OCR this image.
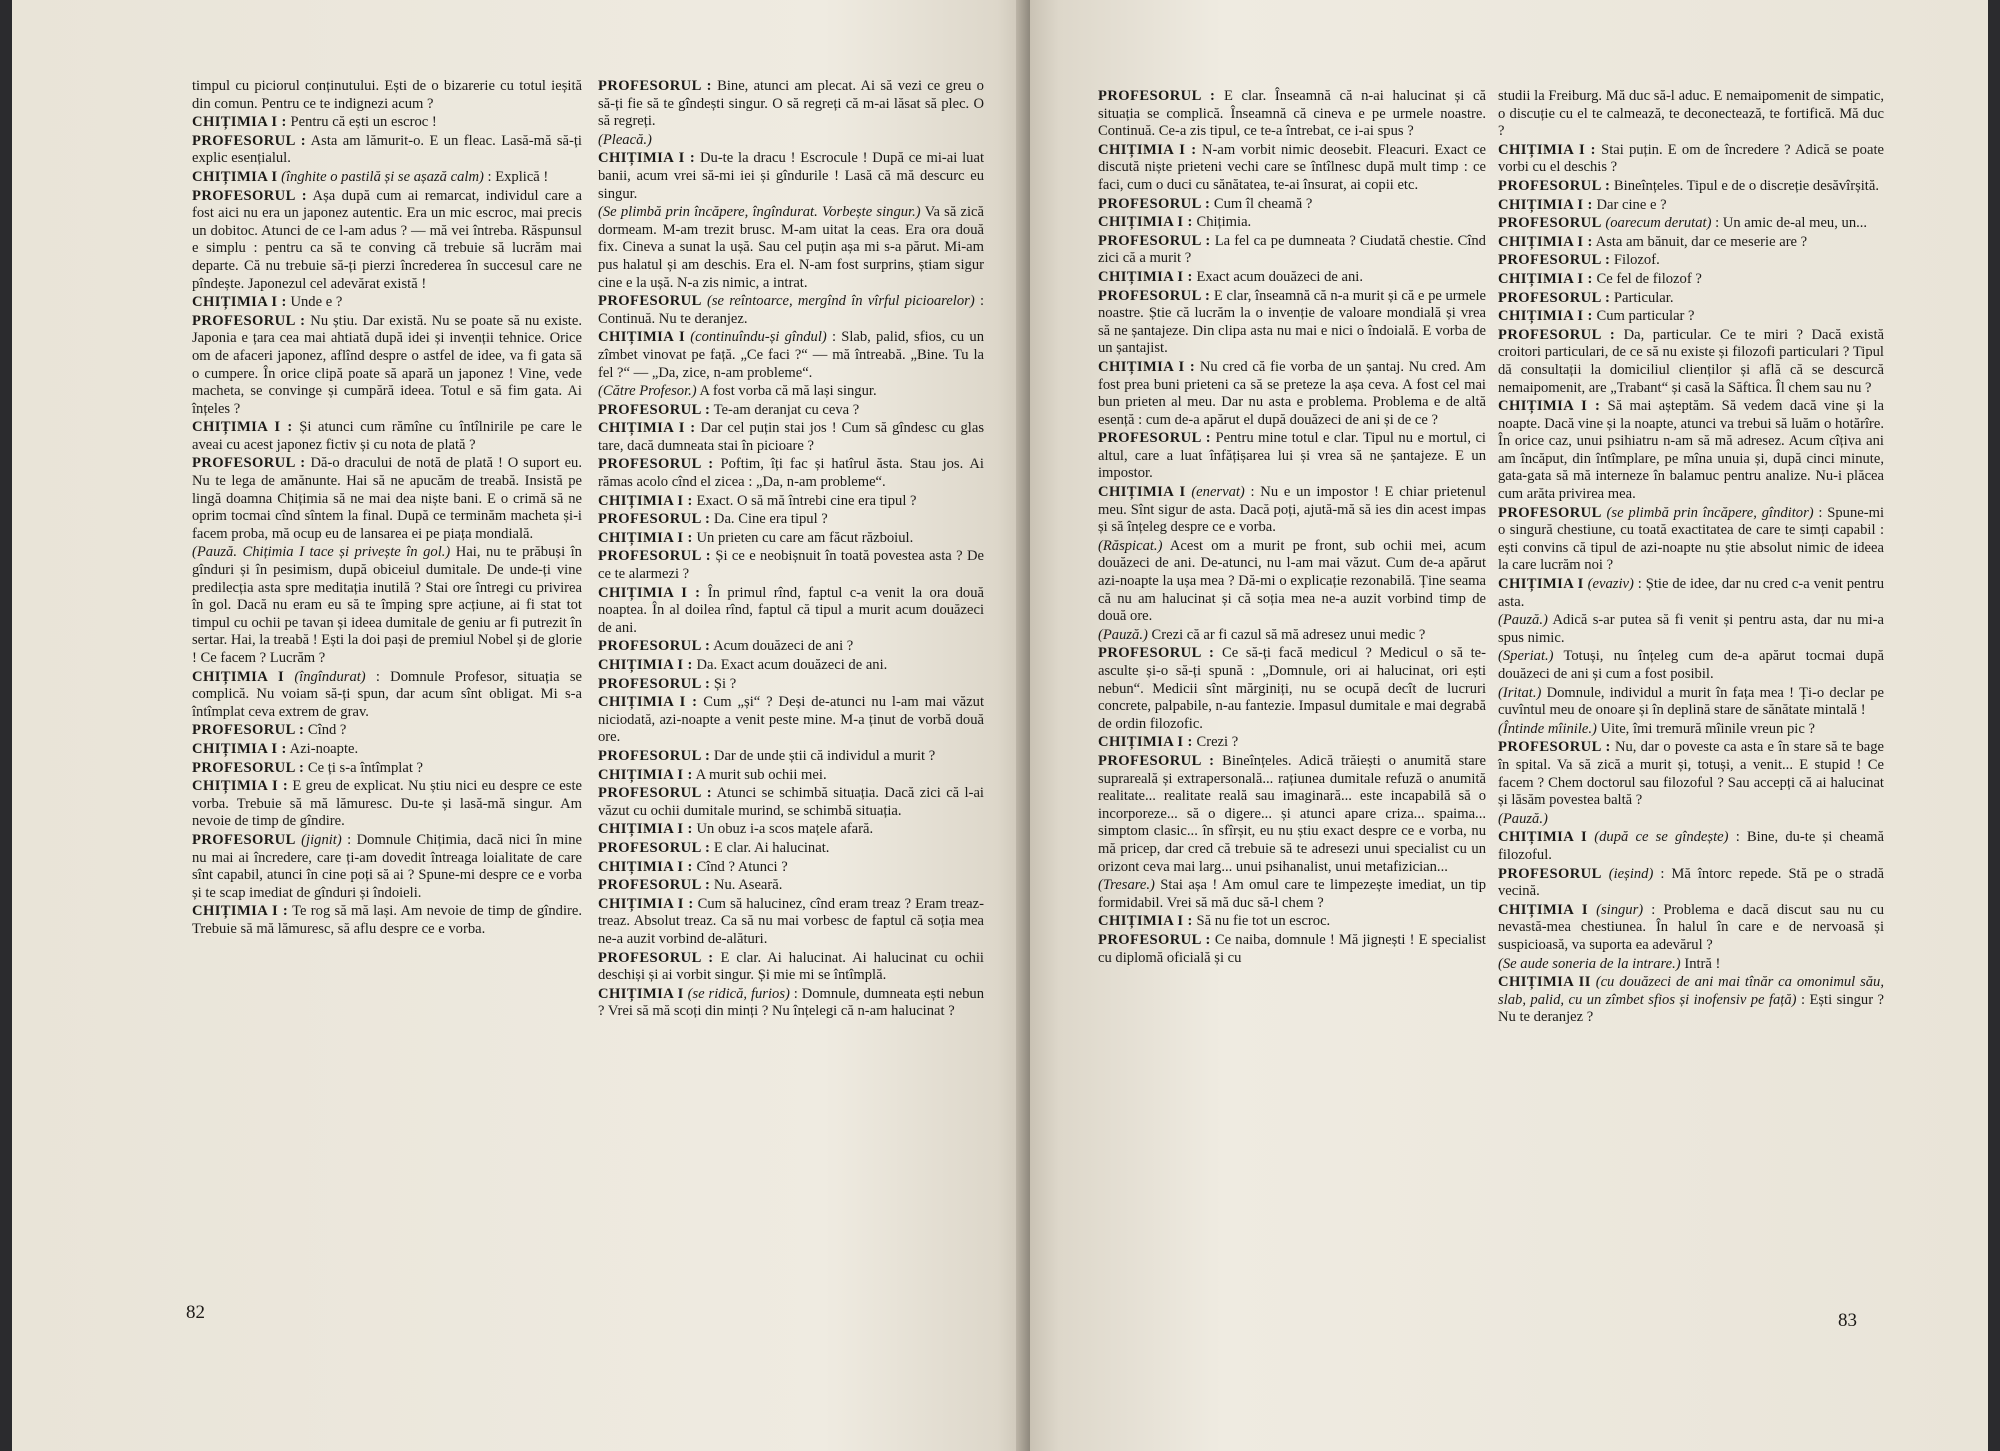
timpul cu piciorul conținutului. Ești de o bizarerie cu totul ieșită din comun. Pentru ce te indignezi acum ?

CHIȚIMIA I : Pentru că ești un escroc !

PROFESORUL : Asta am lămurit-o. E un fleac. Lasă-mă să-ți explic esențialul.

CHIȚIMIA I (înghite o pastilă și se așază calm) : Explică !

PROFESORUL : Așa după cum ai remarcat, individul care a fost aici nu era un japonez autentic. Era un mic escroc, mai precis un dobitoc. Atunci de ce l-am adus ? — mă vei întreba. Răspunsul e simplu : pentru ca să te conving că trebuie să lucrăm mai departe. Că nu trebuie să-ți pierzi încrederea în succesul care ne pîndește. Japonezul cel adevărat există !

CHIȚIMIA I : Unde e ?

PROFESORUL : Nu știu. Dar există. Nu se poate să nu existe. Japonia e țara cea mai ahtiată după idei și invenții tehnice. Orice om de afaceri japonez, aflînd despre o astfel de idee, va fi gata să o cumpere. În orice clipă poate să apară un japonez ! Vine, vede macheta, se convinge și cumpără ideea. Totul e să fim gata. Ai înțeles ?

CHIȚIMIA I : Și atunci cum rămîne cu întîlnirile pe care le aveai cu acest japonez fictiv și cu nota de plată ?

PROFESORUL : Dă-o dracului de notă de plată ! O suport eu. Nu te lega de amănunte. Hai să ne apucăm de treabă. Insistă pe lingă doamna Chițimia să ne mai dea niște bani. E o crimă să ne oprim tocmai cînd sîntem la final. După ce terminăm macheta și-i facem proba, mă ocup eu de lansarea ei pe piața mondială.

(Pauză. Chițimia I tace și privește în gol.) Hai, nu te prăbuși în gînduri și în pesimism, după obiceiul dumitale. De unde-ți vine predilecția asta spre meditația inutilă ? Stai ore întregi cu privirea în gol. Dacă nu eram eu să te împing spre acțiune, ai fi stat tot timpul cu ochii pe tavan și ideea dumitale de geniu ar fi putrezit în sertar. Hai, la treabă ! Ești la doi pași de premiul Nobel și de glorie ! Ce facem ? Lucrăm ?

CHIȚIMIA I (îngîndurat) : Domnule Profesor, situația se complică. Nu voiam să-ți spun, dar acum sînt obligat. Mi s-a întîmplat ceva extrem de grav.

PROFESORUL : Cînd ?

CHIȚIMIA I : Azi-noapte.

PROFESORUL : Ce ți s-a întîmplat ?

CHIȚIMIA I : E greu de explicat. Nu știu nici eu despre ce este vorba. Trebuie să mă lămuresc. Du-te și lasă-mă singur. Am nevoie de timp de gîndire.

PROFESORUL (jignit) : Domnule Chițimia, dacă nici în mine nu mai ai încredere, care ți-am dovedit întreaga loialitate de care sînt capabil, atunci în cine poți să ai ? Spune-mi despre ce e vorba și te scap imediat de gînduri și îndoieli.

CHIȚIMIA I : Te rog să mă lași. Am nevoie de timp de gîndire. Trebuie să mă lămuresc, să aflu despre ce e vorba.

PROFESORUL : Bine, atunci am plecat. Ai să vezi ce greu o să-ți fie să te gîndești singur. O să regreți că m-ai lăsat să plec. O să regreți.

(Pleacă.)

CHIȚIMIA I : Du-te la dracu ! Escrocule ! După ce mi-ai luat banii, acum vrei să-mi iei și gîndurile ! Lasă că mă descurc eu singur.

(Se plimbă prin încăpere, îngîndurat. Vorbește singur.) Va să zică dormeam. M-am trezit brusc. M-am uitat la ceas. Era ora două fix. Cineva a sunat la ușă. Sau cel puțin așa mi s-a părut. Mi-am pus halatul și am deschis. Era el. N-am fost surprins, știam sigur cine e la ușă. N-a zis nimic, a intrat.

PROFESORUL (se reîntoarce, mergînd în vîrful picioarelor) : Continuă. Nu te deranjez.

CHIȚIMIA I (continuîndu-și gîndul) : Slab, palid, sfios, cu un zîmbet vinovat pe față. „Ce faci ?“ — mă întreabă. „Bine. Tu la fel ?“ — „Da, zice, n-am probleme“.

(Către Profesor.) A fost vorba că mă lași singur.

PROFESORUL : Te-am deranjat cu ceva ?

CHIȚIMIA I : Dar cel puțin stai jos ! Cum să gîndesc cu glas tare, dacă dumneata stai în picioare ?

PROFESORUL : Poftim, îți fac și hatîrul ăsta. Stau jos. Ai rămas acolo cînd el zicea : „Da, n-am probleme“.

CHIȚIMIA I : Exact. O să mă întrebi cine era tipul ?

PROFESORUL : Da. Cine era tipul ?

CHIȚIMIA I : Un prieten cu care am făcut războiul.

PROFESORUL : Și ce e neobișnuit în toată povestea asta ? De ce te alarmezi ?

CHIȚIMIA I : În primul rînd, faptul c-a venit la ora două noaptea. În al doilea rînd, faptul că tipul a murit acum douăzeci de ani.

PROFESORUL : Acum douăzeci de ani ?

CHIȚIMIA I : Da. Exact acum douăzeci de ani.

PROFESORUL : Și ?

CHIȚIMIA I : Cum „și“ ? Deși de-atunci nu l-am mai văzut niciodată, azi-noapte a venit peste mine. M-a ținut de vorbă două ore.

PROFESORUL : Dar de unde știi că individul a murit ?

CHIȚIMIA I : A murit sub ochii mei.

PROFESORUL : Atunci se schimbă situația. Dacă zici că l-ai văzut cu ochii dumitale murind, se schimbă situația.

CHIȚIMIA I : Un obuz i-a scos mațele afară.

PROFESORUL : E clar. Ai halucinat.

CHIȚIMIA I : Cînd ? Atunci ?

PROFESORUL : Nu. Aseară.

CHIȚIMIA I : Cum să halucinez, cînd eram treaz ? Eram treaz-treaz. Absolut treaz. Ca să nu mai vorbesc de faptul că soția mea ne-a auzit vorbind de-alături.

PROFESORUL : E clar. Ai halucinat. Ai halucinat cu ochii deschiși și ai vorbit singur. Și mie mi se întîmplă.

CHIȚIMIA I (se ridică, furios) : Domnule, dumneata ești nebun ? Vrei să mă scoți din minți ? Nu înțelegi că n-am halucinat ?

82

PROFESORUL : E clar. Înseamnă că n-ai halucinat și că situația se complică. Înseamnă că cineva e pe urmele noastre. Continuă. Ce-a zis tipul, ce te-a întrebat, ce i-ai spus ?

CHIȚIMIA I : N-am vorbit nimic deosebit. Fleacuri. Exact ce discută niște prieteni vechi care se întîlnesc după mult timp : ce faci, cum o duci cu sănătatea, te-ai însurat, ai copii etc.

PROFESORUL : Cum îl cheamă ?

CHIȚIMIA I : Chițimia.

PROFESORUL : La fel ca pe dumneata ? Ciudată chestie. Cînd zici că a murit ?

CHIȚIMIA I : Exact acum douăzeci de ani.

PROFESORUL : E clar, înseamnă că n-a murit și că e pe urmele noastre. Știe că lucrăm la o invenție de valoare mondială și vrea să ne șantajeze. Din clipa asta nu mai e nici o îndoială. E vorba de un șantajist.

CHIȚIMIA I : Nu cred că fie vorba de un șantaj. Nu cred. Am fost prea buni prieteni ca să se pretezе la așa ceva. A fost cel mai bun prieten al meu. Dar nu asta e problema. Problema e de altă esență : cum de-a apărut el după douăzeci de ani și de ce ?

PROFESORUL : Pentru mine totul e clar. Tipul nu e mortul, ci altul, care a luat înfățișarea lui și vrea să ne șantajeze. E un impostor.

CHIȚIMIA I (enervat) : Nu e un impostor ! E chiar prietenul meu. Sînt sigur de asta. Dacă poți, ajută-mă să ies din acest impas și să înțeleg despre ce e vorba.

(Răspicat.) Acest om a murit pe front, sub ochii mei, acum douăzeci de ani. De-atunci, nu l-am mai văzut. Cum de-a apărut azi-noapte la ușa mea ? Dă-mi o explicație rezonabilă. Ține seama că nu am halucinat și că soția mea ne-a auzit vorbind timp de două ore.

(Pauză.) Crezi că ar fi cazul să mă adresez unui medic ?

PROFESORUL : Ce să-ți facă medicul ? Medicul o să te-asculte și-o să-ți spună : „Domnule, ori ai halucinat, ori ești nebun“. Medicii sînt mărginiți, nu se ocupă decît de lucruri concrete, palpabile, n-au fantezie. Impasul dumitale e mai degrabă de ordin filozofic.

CHIȚIMIA I : Crezi ?

PROFESORUL : Bineînțeles. Adică trăiești o anumită stare suprareală și extrapersonală... rațiunea dumitale refuză o anumită realitate... realitate reală sau imaginară... este incapabilă să o incorporeze... să o digere... și atunci apare criza... spaima... simptom clasic... în sfîrșit, eu nu știu exact despre ce e vorba, nu mă pricep, dar cred că trebuie să te adresezi unui specialist cu un orizont ceva mai larg... unui psihanalist, unui metafizician...

(Tresare.) Stai așa ! Am omul care te limpezește imediat, un tip formidabil. Vrei să mă duc să-l chem ?

CHIȚIMIA I : Să nu fie tot un escroc.

PROFESORUL : Ce naiba, domnule ! Mă jignești ! E specialist cu diplomă oficială și cu

studii la Freiburg. Mă duc să-l aduc. E nemaipomenit de simpatic, o discuție cu el te calmează, te deconectează, te fortifică. Mă duc ?

CHIȚIMIA I : Stai puțin. E om de încredere ? Adică se poate vorbi cu el deschis ?

PROFESORUL : Bineînțeles. Tipul e de o discreție desăvîrșită.

CHIȚIMIA I : Dar cine e ?

PROFESORUL (oarecum derutat) : Un amic de-al meu, un...

CHIȚIMIA I : Asta am bănuit, dar ce meserie are ?

PROFESORUL : Filozof.

CHIȚIMIA I : Ce fel de filozof ?

PROFESORUL : Particular.

CHIȚIMIA I : Cum particular ?

PROFESORUL : Da, particular. Ce te miri ? Dacă există croitori particulari, de ce să nu existe și filozofi particulari ? Tipul dă consultații la domiciliul clienților și află că se descurcă nemaipomenit, are „Trabant“ și casă la Săftica. Îl chem sau nu ?

CHIȚIMIA I : Să mai așteptăm. Să vedem dacă vine și la noapte. Dacă vine și la noapte, atunci va trebui să luăm o hotărîre. În orice caz, unui psihiatru n-am să mă adresez. Acum cîțiva ani am încăput, din întîmplare, pe mîna unuia și, după cinci minute, gata-gata să mă interneze în balamuc pentru analize. Nu-i plăcea cum arăta privirea mea.

PROFESORUL (se plimbă prin încăpere, gînditor) : Spune-mi o singură chestiune, cu toată exactitatea de care te simți capabil : ești convins că tipul de azi-noapte nu știe absolut nimic de ideea la care lucrăm noi ?

CHIȚIMIA I (evaziv) : Știe de idee, dar nu cred c-a venit pentru asta.

(Pauză.) Adică s-ar putea să fi venit și pentru asta, dar nu mi-a spus nimic.

(Speriat.) Totuși, nu înțeleg cum de-a apărut tocmai după douăzeci de ani și cum a fost posibil.

(Iritat.) Domnule, individul a murit în fața mea ! Ți-o declar pe cuvîntul meu de onoare și în deplină stare de sănătate mintală !

(Întinde mîinile.) Uite, îmi tremură mîinile vreun pic ?

PROFESORUL : Nu, dar o poveste ca asta e în stare să te bage în spital. Va să zică a murit și, totuși, a venit... E stupid ! Ce facem ? Chem doctorul sau filozoful ? Sau accepți că ai halucinat și lăsăm povestea baltă ?

(Pauză.)

CHIȚIMIA I (după ce se gîndește) : Bine, du-te și cheamă filozoful.

PROFESORUL (ieșind) : Mă întorc repede. Stă pe o stradă vecină.

CHIȚIMIA I (singur) : Problema e dacă discut sau nu cu nevastă-mea chestiunea. În halul în care e de nervoasă și suspicioasă, va suporta ea adevărul ?

(Se aude soneria de la intrare.) Intră !

CHIȚIMIA II (cu douăzeci de ani mai tînăr ca omonimul său, slab, palid, cu un zîmbet sfios și inofensiv pe față) : Ești singur ? Nu te deranjez ?

83
